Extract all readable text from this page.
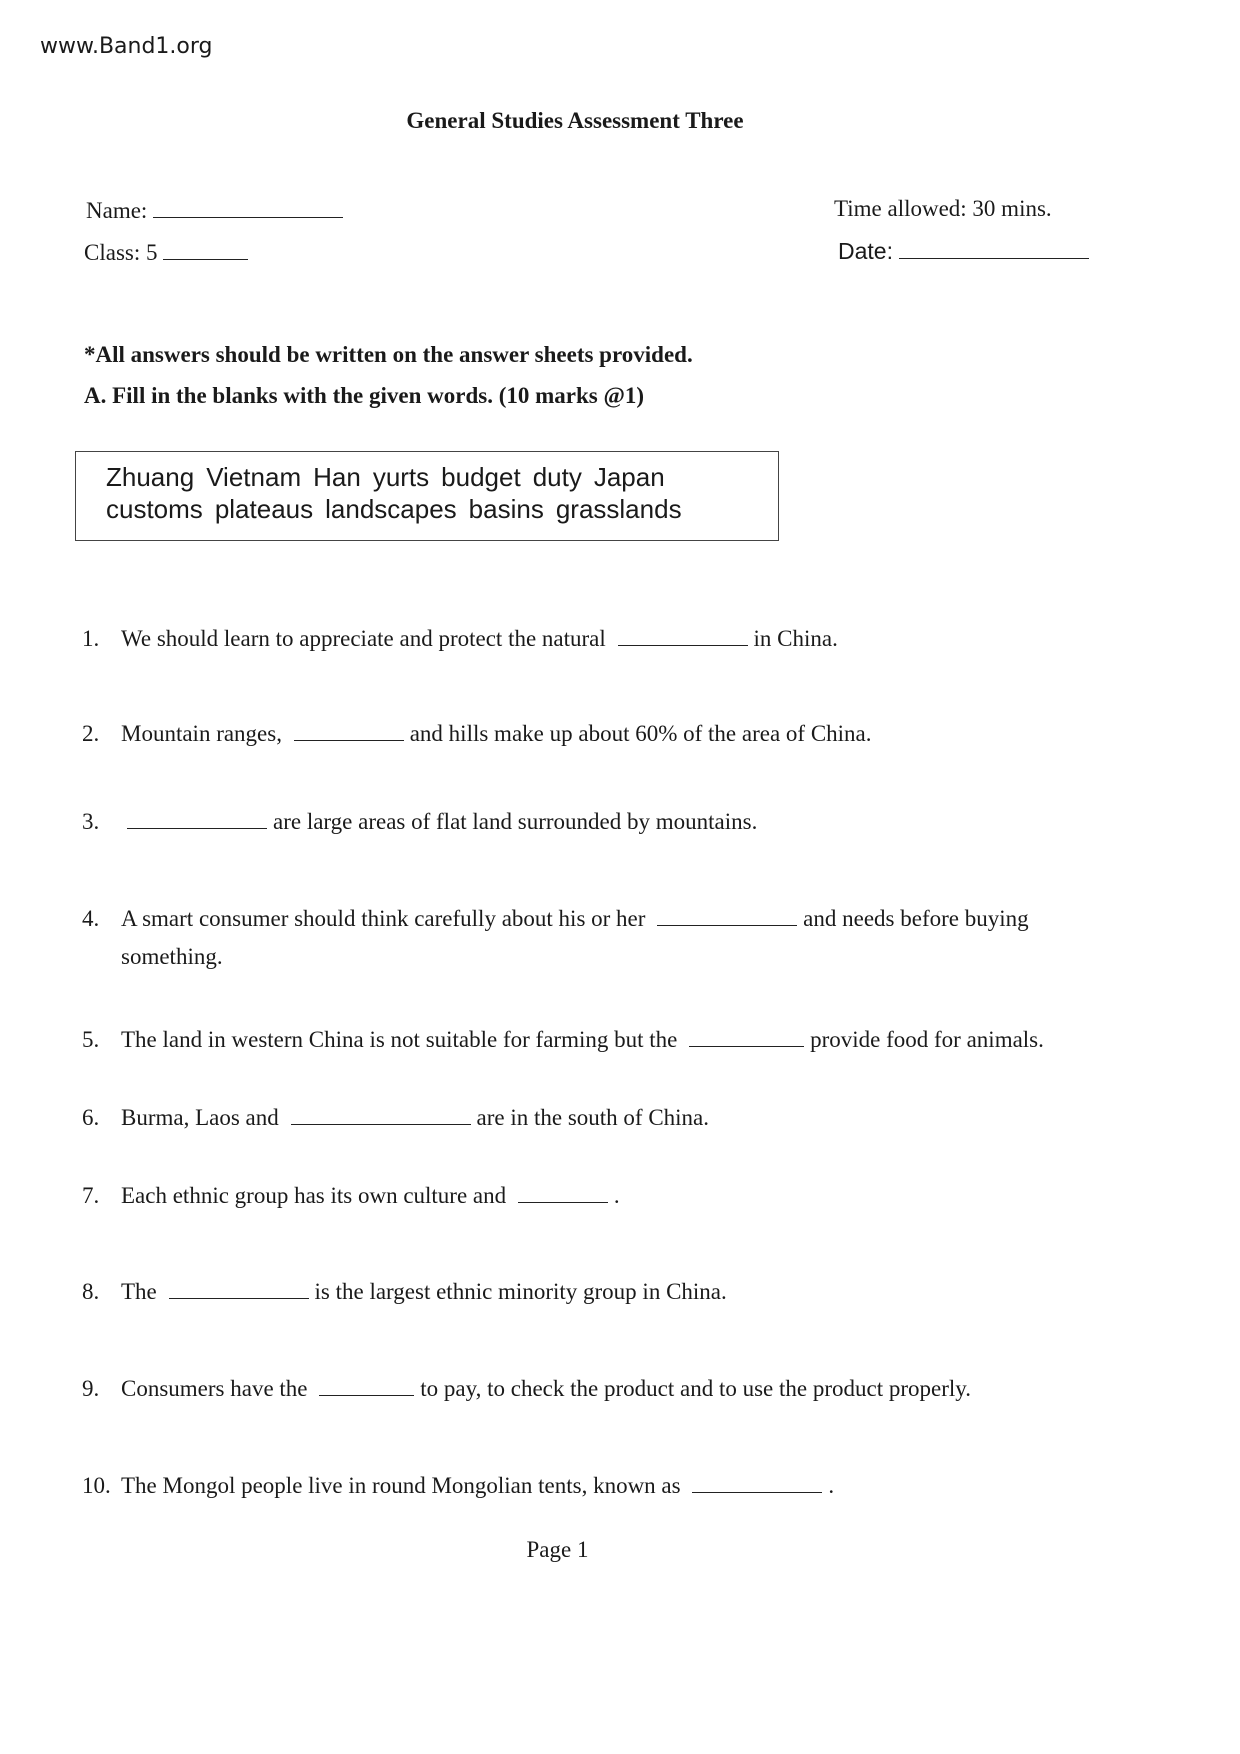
www.Band1.org
General Studies Assessment Three
Name:
Class: 5
Time allowed: 30 mins.
Date:
*All answers should be written on the answer sheets provided.
A. Fill in the blanks with the given words. (10 marks @1)
Zhuang Vietnam Han yurts budget duty Japan
customs plateaus landscapes basins grasslands
1. We should learn to appreciate and protect the natural	in China.
2. Mountain ranges,	and hills make up about 60% of the area of China.
3.	are large areas of flat land surrounded by mountains.
4. A smart consumer should think carefully about his or her	and needs before buying
something.
5. The land in western China is not suitable for farming but the	provide food for animals.
6. Burma, Laos and	are in the south of China.
7. Each ethnic group has its own culture and	.
8. The	is the largest ethnic minority group in China.
9. Consumers have the	to pay, to check the product and to use the product properly.
10. The Mongol people live in round Mongolian tents, known as	.
Page 1
